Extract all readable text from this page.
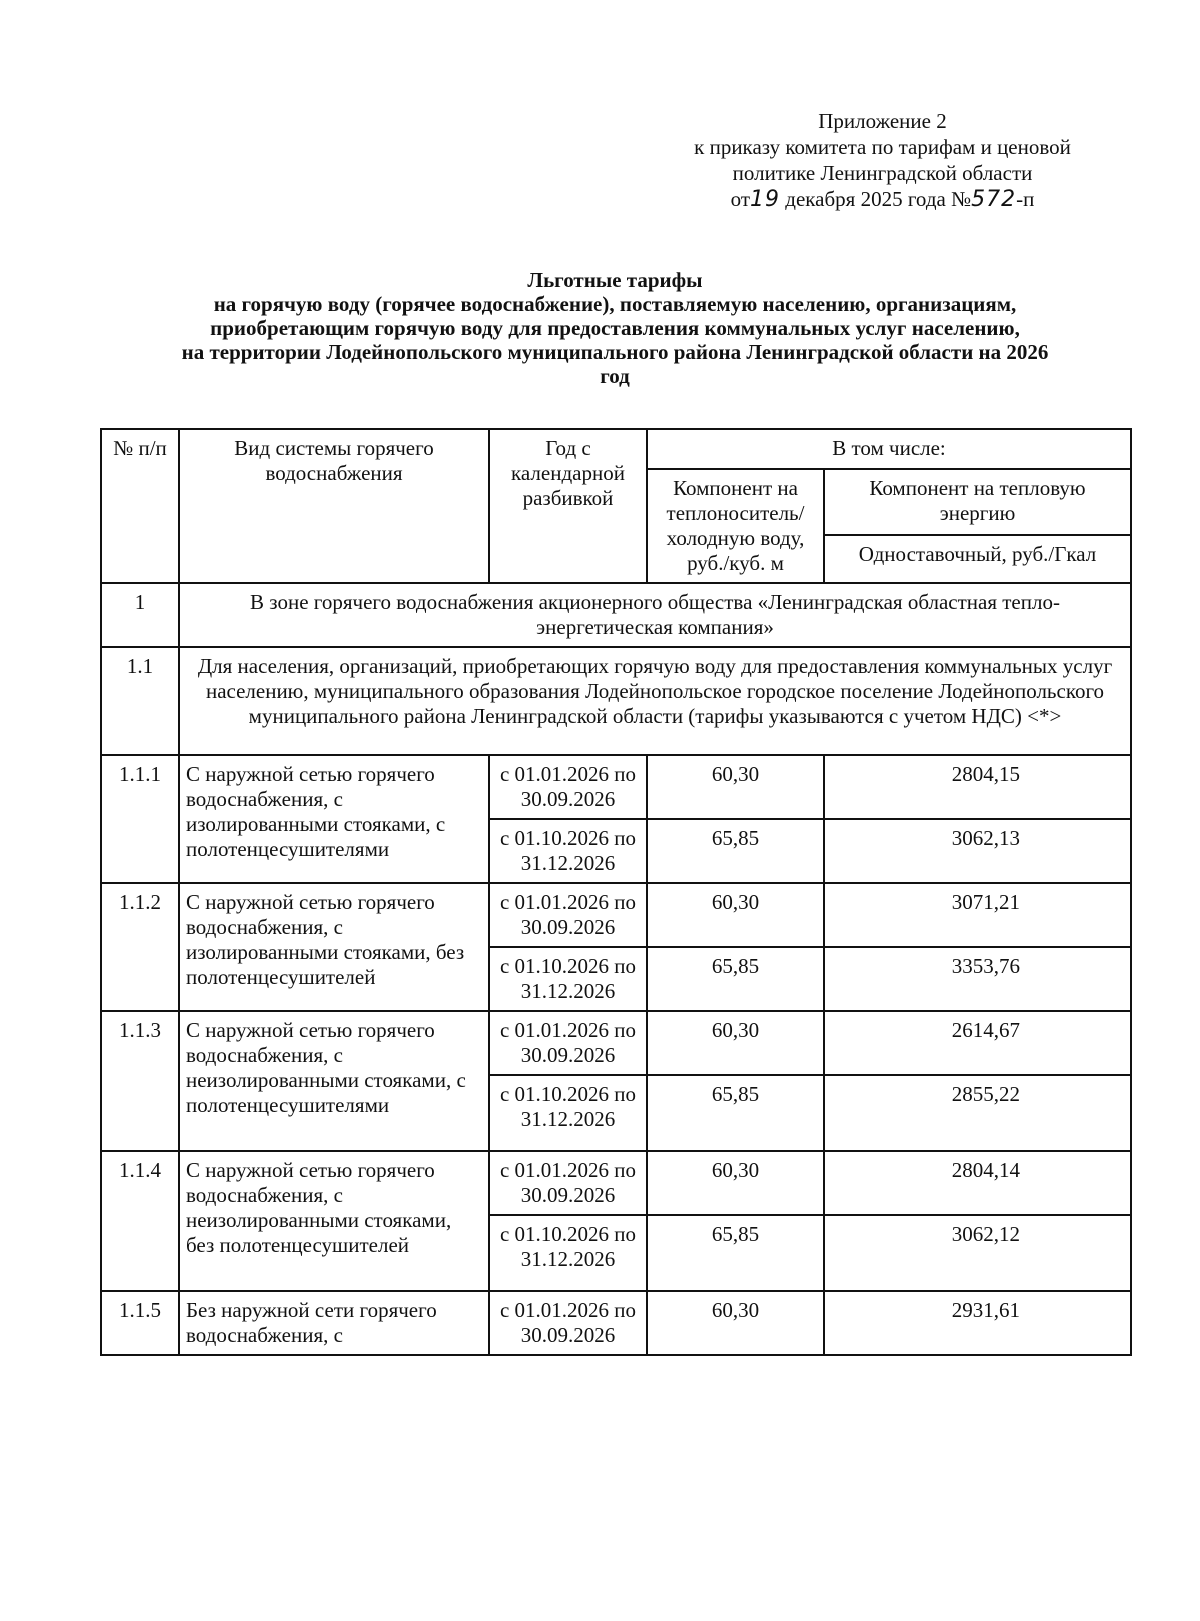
Приложение 2
к приказу комитета по тарифам и ценовой
политике Ленинградской области
от19 декабря 2025 года №572-п
Льготные тарифы
на горячую воду (горячее водоснабжение), поставляемую населению, организациям,
приобретающим горячую воду для предоставления коммунальных услуг населению,
на территории Лодейнопольского муниципального района Ленинградской области на 2026
год
№ п/п	Вид системы горячего водоснабжения	Год с календарной разбивкой	В том числе:	
			Компонент на теплоноситель/ холодную воду, руб./куб. м	Компонент на тепловую энергию
				Одноставочный, руб./Гкал
1	В зоне горячего водоснабжения акционерного общества «Ленинградская областная тепло-энергетическая компания»			
1.1	Для населения, организаций, приобретающих горячую воду для предоставления коммунальных услуг населению, муниципального образования Лодейнопольское городское поселение Лодейнопольского муниципального района Ленинградской области (тарифы указываются с учетом НДС) <*>			
1.1.1	С наружной сетью горячего водоснабжения, с изолированными стояками, с полотенцесушителями	с 01.01.2026 по 30.09.2026	60,30	2804,15
		с 01.10.2026 по 31.12.2026	65,85	3062,13
1.1.2	С наружной сетью горячего водоснабжения, с изолированными стояками, без полотенцесушителей	с 01.01.2026 по 30.09.2026	60,30	3071,21
		с 01.10.2026 по 31.12.2026	65,85	3353,76
1.1.3	С наружной сетью горячего водоснабжения, с неизолированными стояками, с полотенцесушителями	с 01.01.2026 по 30.09.2026	60,30	2614,67
		с 01.10.2026 по 31.12.2026	65,85	2855,22
1.1.4	С наружной сетью горячего водоснабжения, с неизолированными стояками, без полотенцесушителей	с 01.01.2026 по 30.09.2026	60,30	2804,14
		с 01.10.2026 по 31.12.2026	65,85	3062,12
1.1.5	Без наружной сети горячего водоснабжения, с	с 01.01.2026 по 30.09.2026	60,30	2931,61
